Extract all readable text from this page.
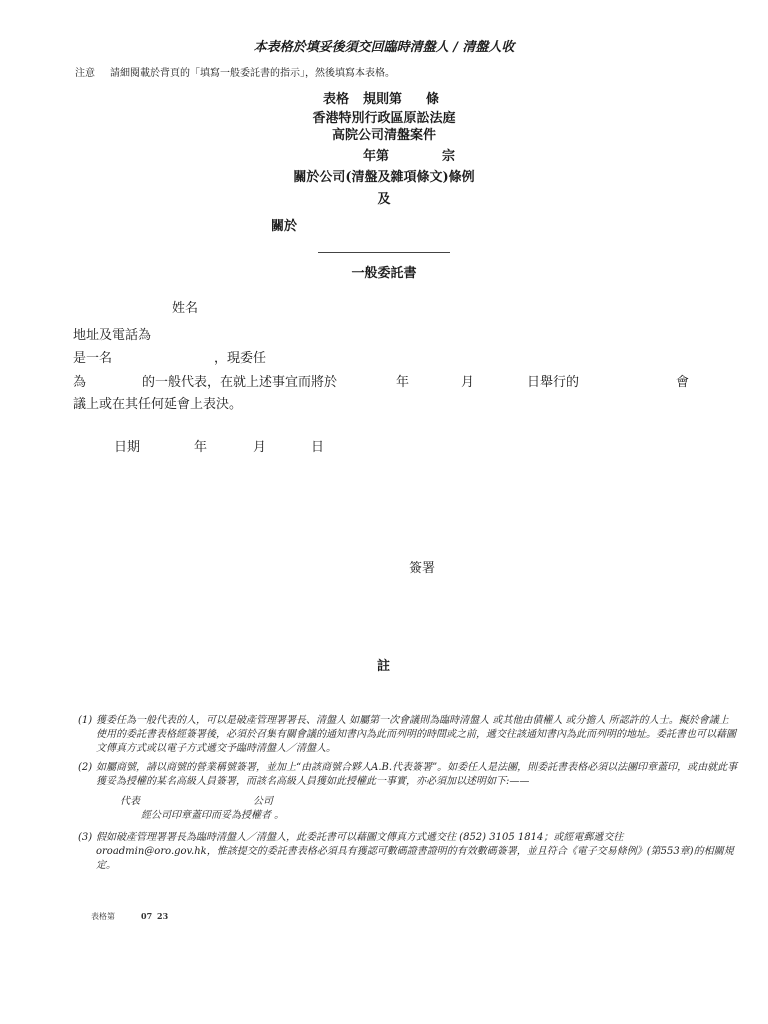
本表格於填妥後須交回臨時清盤人 / 清盤人收
注意 請細閱載於背頁的「填寫一般委託書的指示」，然後填寫本表格。
表格 規則第 條
香港特別行政區原訟法庭
高院公司清盤案件
年第	宗
關於公司(清盤及雜項條文)條例
及
關於
一般委託書
姓名
地址及電話為
是一名	，現委任
為	的一般代表，在就上述事宜而將於	年	月	日舉行的	會
議上或在其任何延會上表決。
日期	年	月	日
簽署
註
(1) 獲委任為一般代表的人，可以是破產管理署署長、清盤人 如屬第一次會議則為臨時清盤人 或其他由債權人 或分擔人 所認許的人士。擬於會議上使用的委託書表格經簽署後，必須於召集有關會議的通知書內為此而列明的時間或之前，遞交往該通知書內為此而列明的地址。委託書也可以藉圖文傳真方式或以電子方式遞交予臨時清盤人／清盤人。
(2) 如屬商號，請以商號的營業稱號簽署，並加上“由該商號合夥人A.B.代表簽署”。如委任人是法團，則委託書表格必須以法團印章蓋印，或由就此事獲妥為授權的某名高級人員簽署，而該名高級人員獲如此授權此一事實，亦必須加以述明如下:——
代表	公司
經公司印章蓋印而妥為授權者 。
(3) 假如破產管理署署長為臨時清盤人／清盤人，此委託書可以藉圖文傳真方式遞交往 (852) 3105 1814；或經電郵遞交往 oroadmin@oro.gov.hk，惟該提交的委託書表格必須具有獲認可數碼證書證明的有效數碼簽署，並且符合《電子交易條例》(第553章)的相關規定。
表格第	07 23
